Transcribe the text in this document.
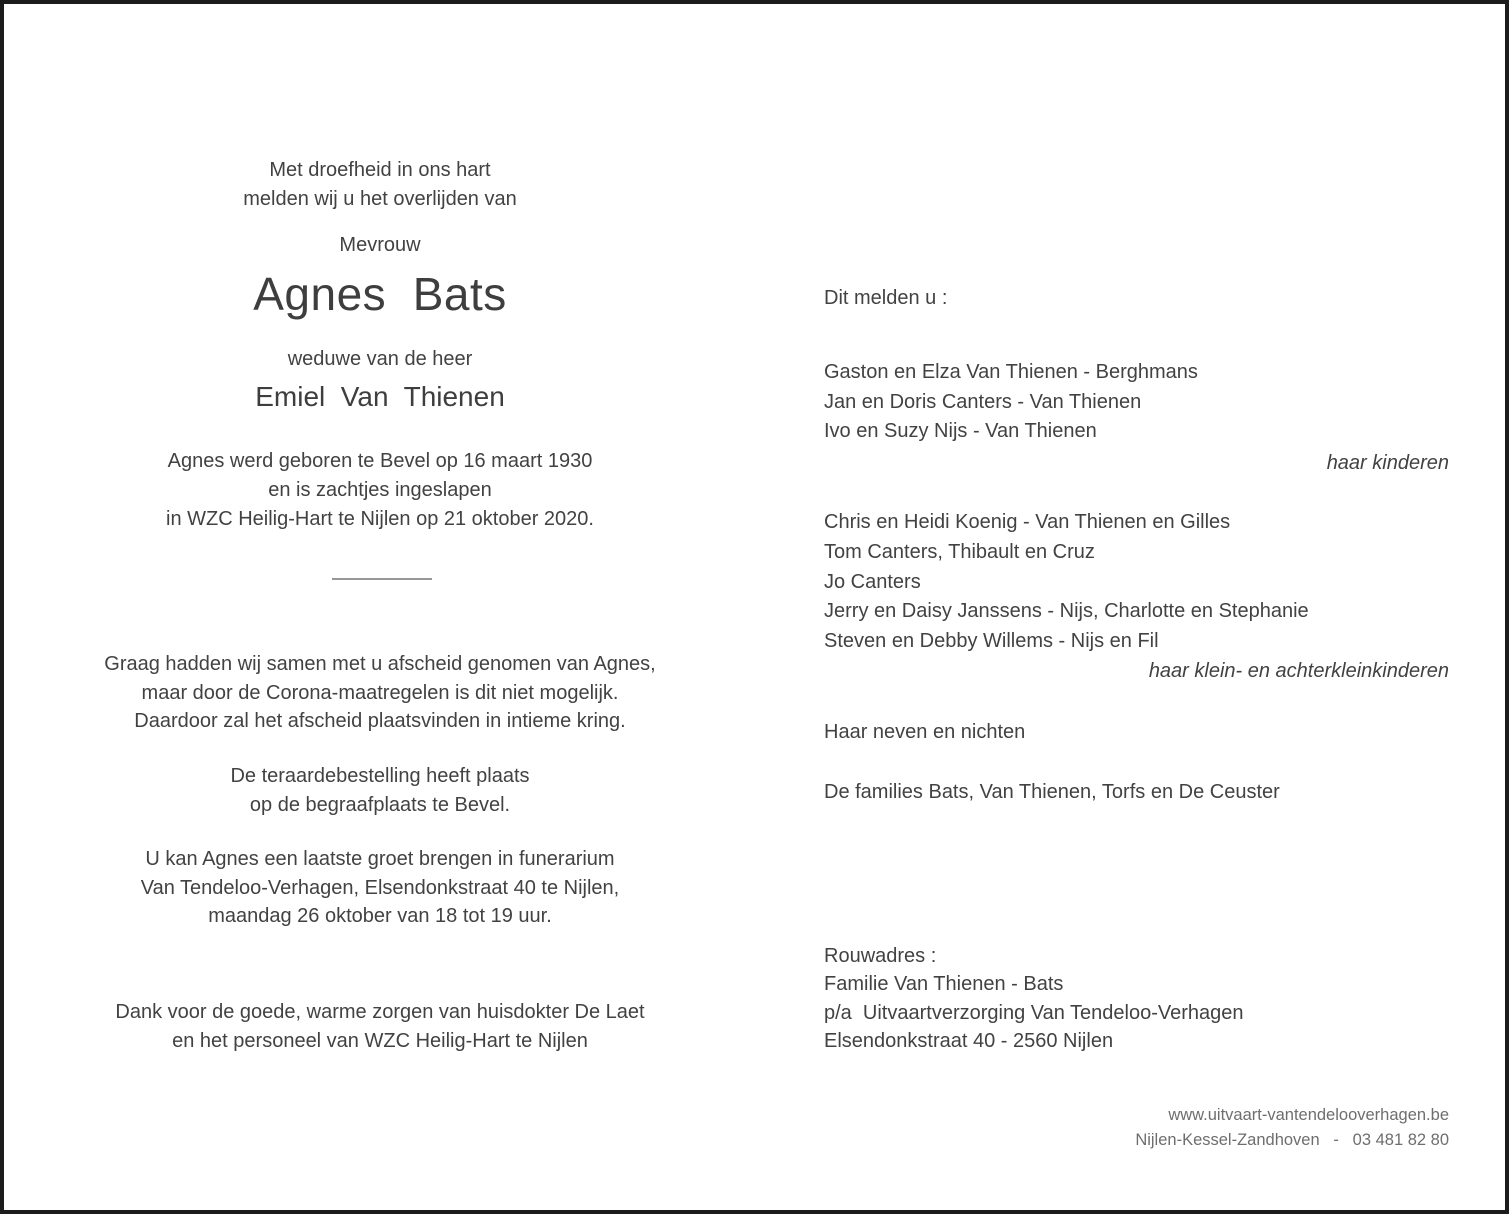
Met droefheid in ons hart
melden wij u het overlijden van
Mevrouw
Agnes  Bats
weduwe van de heer
Emiel  Van  Thienen
Agnes werd geboren te Bevel op 16 maart 1930
en is zachtjes ingeslapen
in WZC Heilig-Hart te Nijlen op 21 oktober 2020.
Graag hadden wij samen met u afscheid genomen van Agnes,
maar door de Corona-maatregelen is dit niet mogelijk.
Daardoor zal het afscheid plaatsvinden in intieme kring.
De teraardebestelling heeft plaats
op de begraafplaats te Bevel.
U kan Agnes een laatste groet brengen in funerarium
Van Tendeloo-Verhagen, Elsendonkstraat 40 te Nijlen,
maandag 26 oktober van 18 tot 19 uur.
Dank voor de goede, warme zorgen van huisdokter De Laet
en het personeel van WZC Heilig-Hart te Nijlen
Dit melden u :
Gaston en Elza Van Thienen - Berghmans
Jan en Doris Canters - Van Thienen
Ivo en Suzy Nijs - Van Thienen
haar kinderen
Chris en Heidi Koenig - Van Thienen en Gilles
Tom Canters, Thibault en Cruz
Jo Canters
Jerry en Daisy Janssens - Nijs, Charlotte en Stephanie
Steven en Debby Willems - Nijs en Fil
haar klein- en achterkleinkinderen
Haar neven en nichten
De families Bats, Van Thienen, Torfs en De Ceuster
Rouwadres :
Familie Van Thienen - Bats
p/a  Uitvaartverzorging Van Tendeloo-Verhagen
Elsendonkstraat 40 - 2560 Nijlen
www.uitvaart-vantendelooverhagen.be
Nijlen-Kessel-Zandhoven   -   03 481 82 80
